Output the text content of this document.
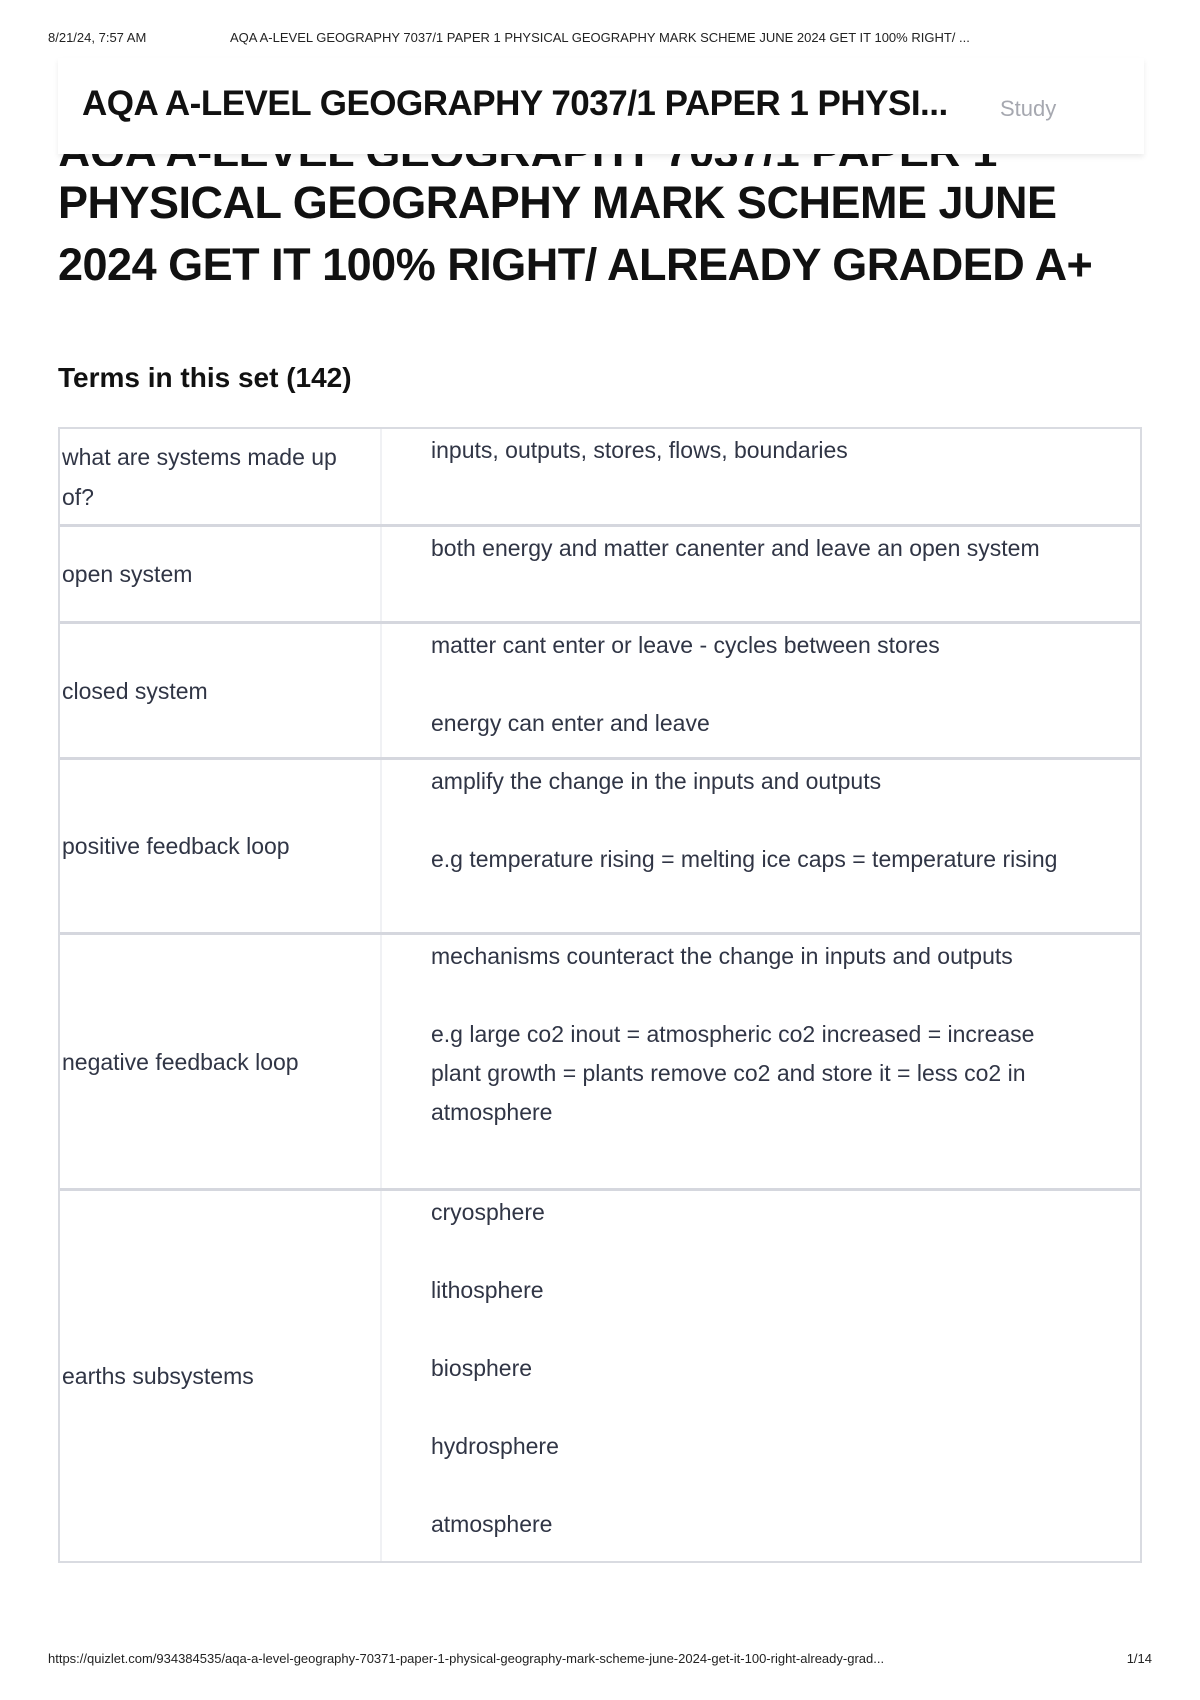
8/21/24, 7:57 AM	AQA A-LEVEL GEOGRAPHY 7037/1 PAPER 1 PHYSICAL GEOGRAPHY MARK SCHEME JUNE 2024 GET IT 100% RIGHT/ ...
AQA A-LEVEL GEOGRAPHY 7037/1 PAPER 1 PHYSI... Study
PHYSICAL GEOGRAPHY MARK SCHEME JUNE 2024 GET IT 100% RIGHT/ ALREADY GRADED A+
Terms in this set (142)
what are systems made up of?

inputs, outputs, stores, flows, boundaries

open system

both energy and matter canenter and leave an open system

closed system

matter cant enter or leave - cycles between stores

energy can enter and leave

positive feedback loop

amplify the change in the inputs and outputs

e.g temperature rising = melting ice caps = temperature rising

negative feedback loop

mechanisms counteract the change in inputs and outputs

e.g large co2 inout = atmospheric co2 increased = increase plant growth = plants remove co2 and store it = less co2 in atmosphere

earths subsystems

cryosphere

lithosphere

biosphere

hydrosphere

atmosphere

https://quizlet.com/934384535/aqa-a-level-geography-70371-paper-1-physical-geography-mark-scheme-june-2024-get-it-100-right-already-grad...	1/14
